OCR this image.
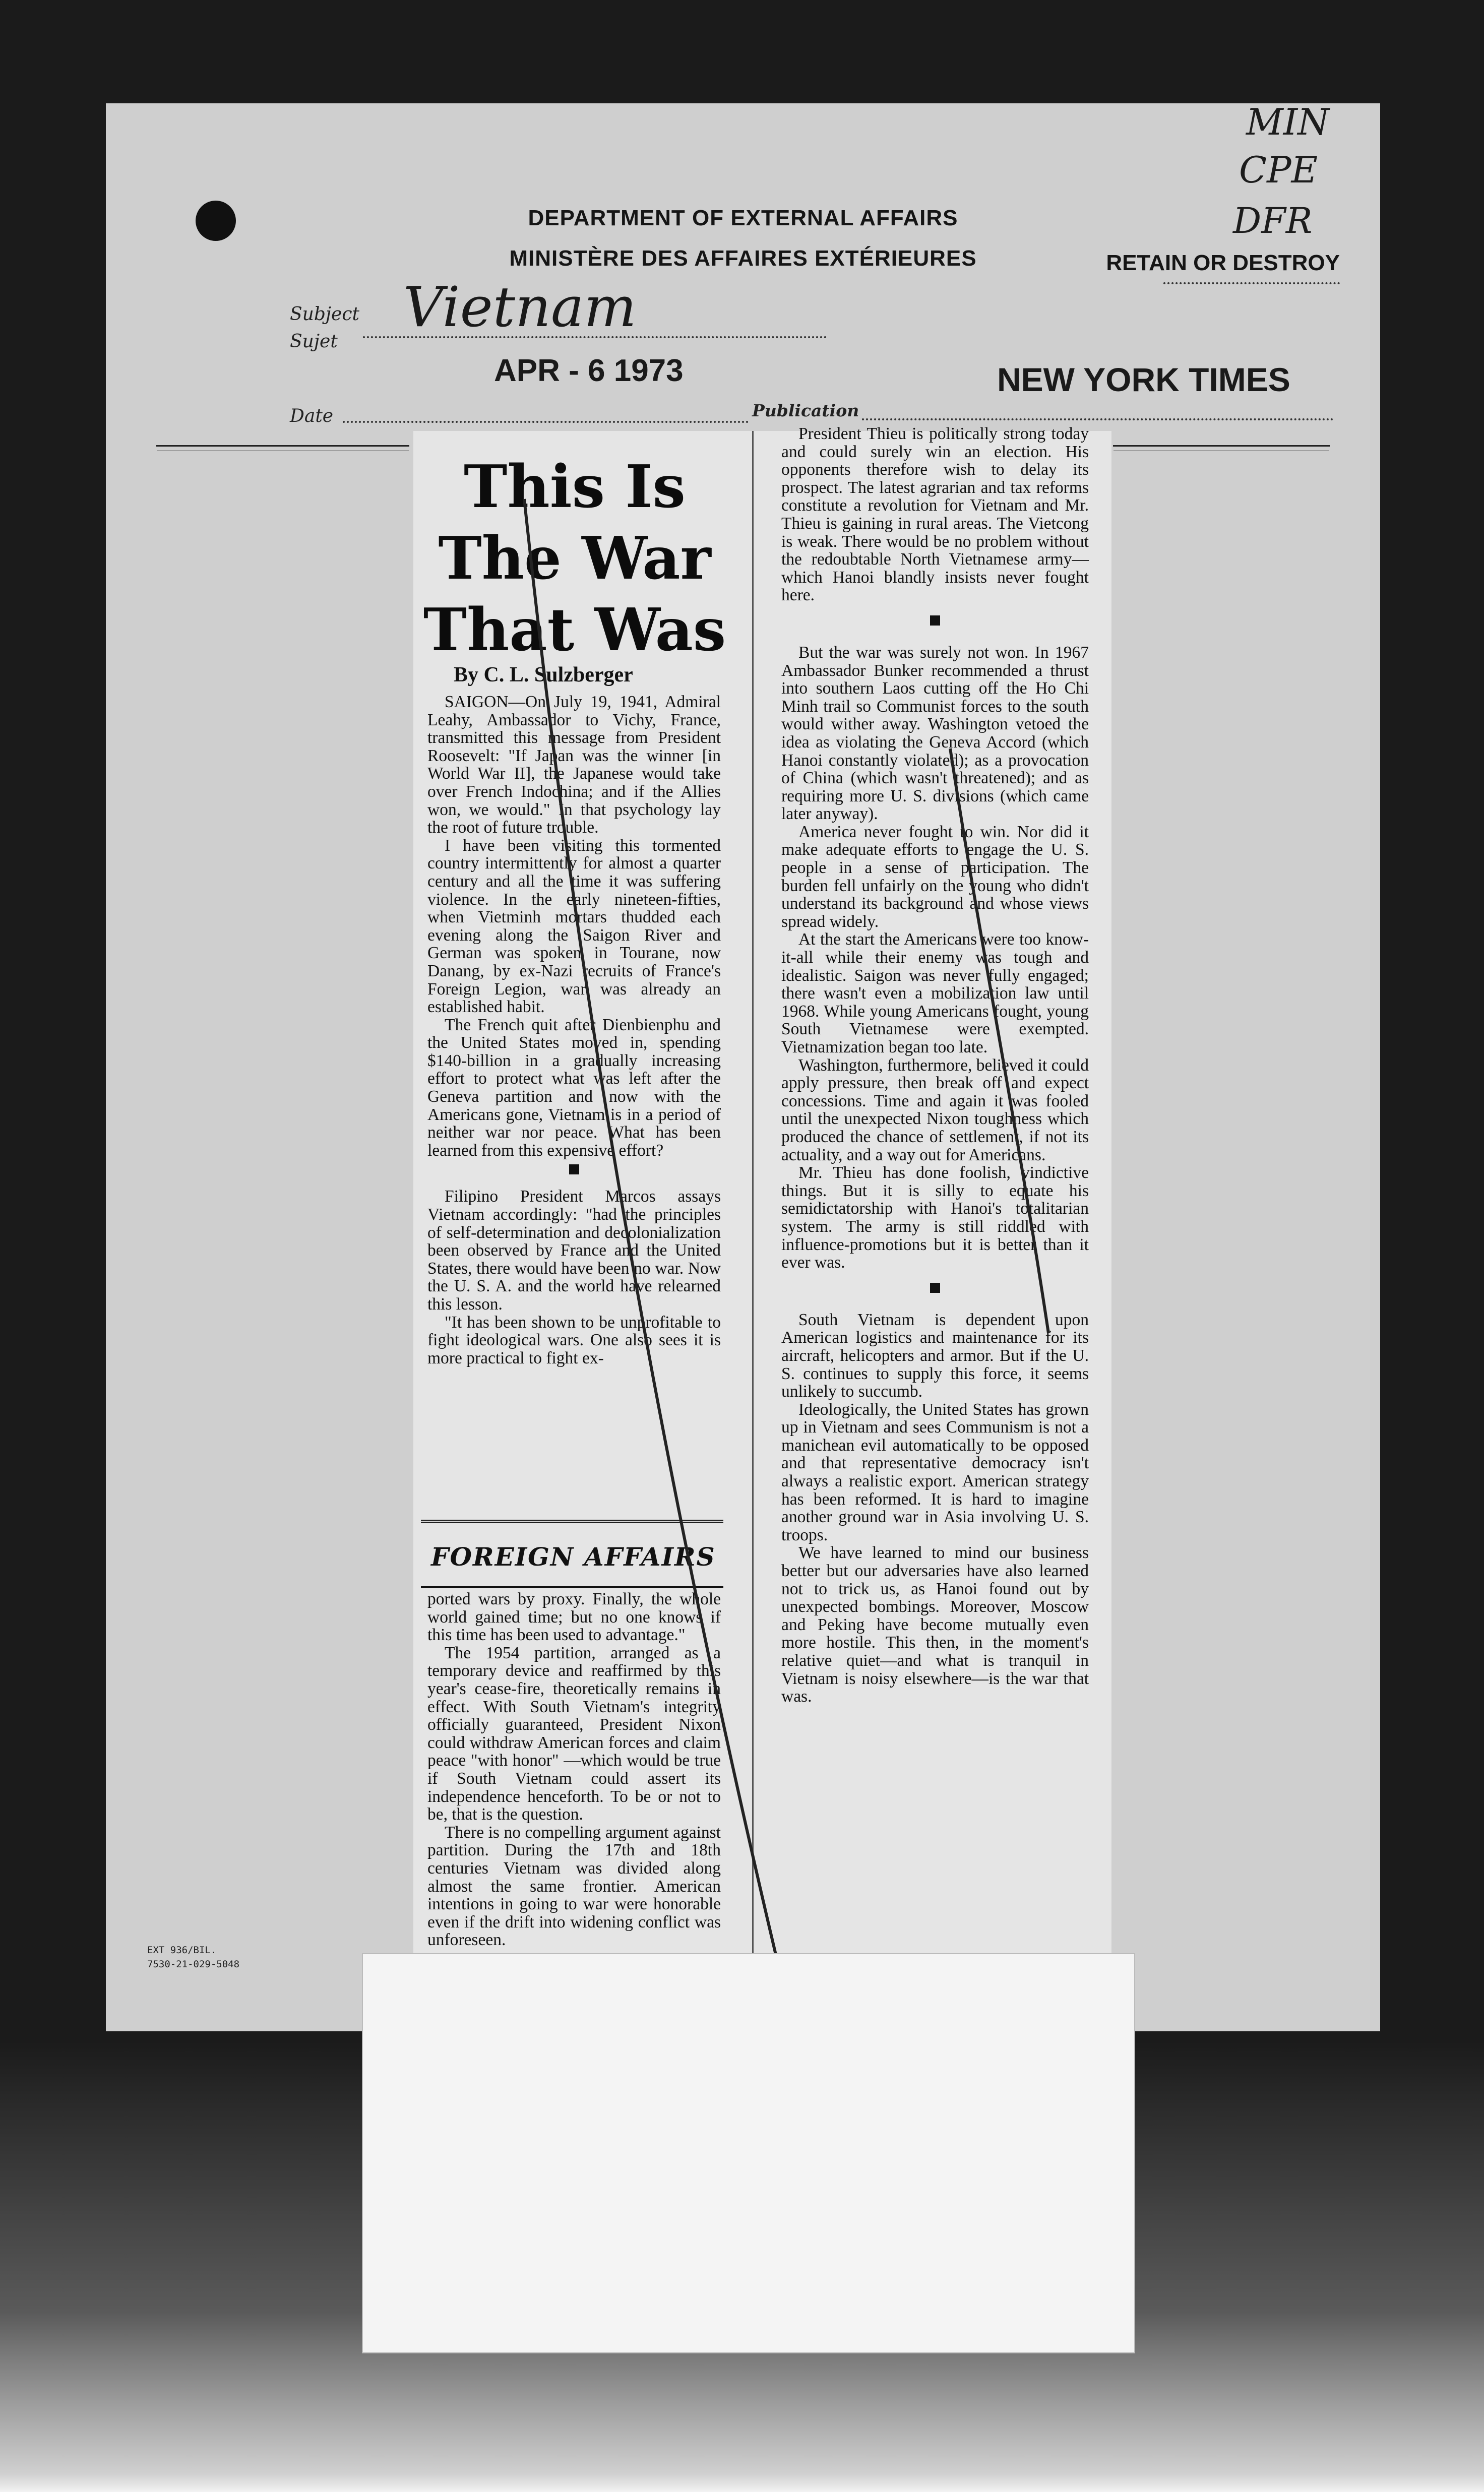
MIN
CPE
DFR
DEPARTMENT OF EXTERNAL AFFAIRS
MINISTÈRE DES AFFAIRES EXTÉRIEURES	RETAIN OR DESTROY
Subject
Sujet
Vietnam
APR - 6 1973	NEW YORK TIMES
Date	Publication
EXT 936/BIL.
7530-21-029-5048
This Is
The War
That Was
By C. L. Sulzberger

SAIGON—On July 19, 1941, Admiral Leahy, Ambassador to Vichy, France, transmitted this message from President Roosevelt: "If Japan was the winner [in World War II], the Japanese would take over French Indochina; and if the Allies won, we would." In that psychology lay the root of future trouble.

I have been visiting this tormented country intermittently for almost a quarter century and all the time it was suffering violence. In the early nineteen-fifties, when Vietminh mortars thudded each evening along the Saigon River and German was spoken in Tourane, now Danang, by ex-Nazi recruits of France's Foreign Legion, war was already an established habit.

The French quit after Dienbienphu and the United States moved in, spending $140-billion in a gradually increasing effort to protect what was left after the Geneva partition and now with the Americans gone, Vietnam is in a period of neither war nor peace. What has been learned from this expensive effort?

Filipino President Marcos assays Vietnam accordingly: "had the principles of self-determination and decolonialization been observed by France and the United States, there would have been no war. Now the U. S. A. and the world have relearned this lesson.

"It has been shown to be unprofitable to fight ideological wars. One also sees it is more practical to fight ex-

FOREIGN AFFAIRS

ported wars by proxy. Finally, the whole world gained time; but no one knows if this time has been used to advantage."

The 1954 partition, arranged as a temporary device and reaffirmed by this year's cease-fire, theoretically remains in effect. With South Vietnam's integrity officially guaranteed, President Nixon could withdraw American forces and claim peace "with honor" —which would be true if South Vietnam could assert its independence henceforth. To be or not to be, that is the question.

There is no compelling argument against partition. During the 17th and 18th centuries Vietnam was divided along almost the same frontier. American intentions in going to war were honorable even if the drift into widening conflict was unforeseen.

President Thieu is politically strong today and could surely win an election. His opponents therefore wish to delay its prospect. The latest agrarian and tax reforms constitute a revolution for Vietnam and Mr. Thieu is gaining in rural areas. The Vietcong is weak. There would be no problem without the redoubtable North Vietnamese army—which Hanoi blandly insists never fought here.

But the war was surely not won. In 1967 Ambassador Bunker recommended a thrust into southern Laos cutting off the Ho Chi Minh trail so Communist forces to the south would wither away. Washington vetoed the idea as violating the Geneva Accord (which Hanoi constantly violated); as a provocation of China (which wasn't threatened); and as requiring more U. S. divisions (which came later anyway).

America never fought to win. Nor did it make adequate efforts to engage the U. S. people in a sense of participation. The burden fell unfairly on the young who didn't understand its background and whose views spread widely.

At the start the Americans were too know-it-all while their enemy was tough and idealistic. Saigon was never fully engaged; there wasn't even a mobilization law until 1968. While young Americans fought, young South Vietnamese were exempted. Vietnamization began too late.

Washington, furthermore, believed it could apply pressure, then break off and expect concessions. Time and again it was fooled until the unexpected Nixon toughness which produced the chance of settlement, if not its actuality, and a way out for Americans.

Mr. Thieu has done foolish, vindictive things. But it is silly to equate his semidictatorship with Hanoi's totalitarian system. The army is still riddled with influence-promotions but it is better than it ever was.

South Vietnam is dependent upon American logistics and maintenance for its aircraft, helicopters and armor. But if the U. S. continues to supply this force, it seems unlikely to succumb.

Ideologically, the United States has grown up in Vietnam and sees Communism is not a manichean evil automatically to be opposed and that representative democracy isn't always a realistic export. American strategy has been reformed. It is hard to imagine another ground war in Asia involving U. S. troops.

We have learned to mind our business better but our adversaries have also learned not to trick us, as Hanoi found out by unexpected bombings. Moreover, Moscow and Peking have become mutually even more hostile. This then, in the moment's relative quiet—and what is tranquil in Vietnam is noisy elsewhere—is the war that was.
